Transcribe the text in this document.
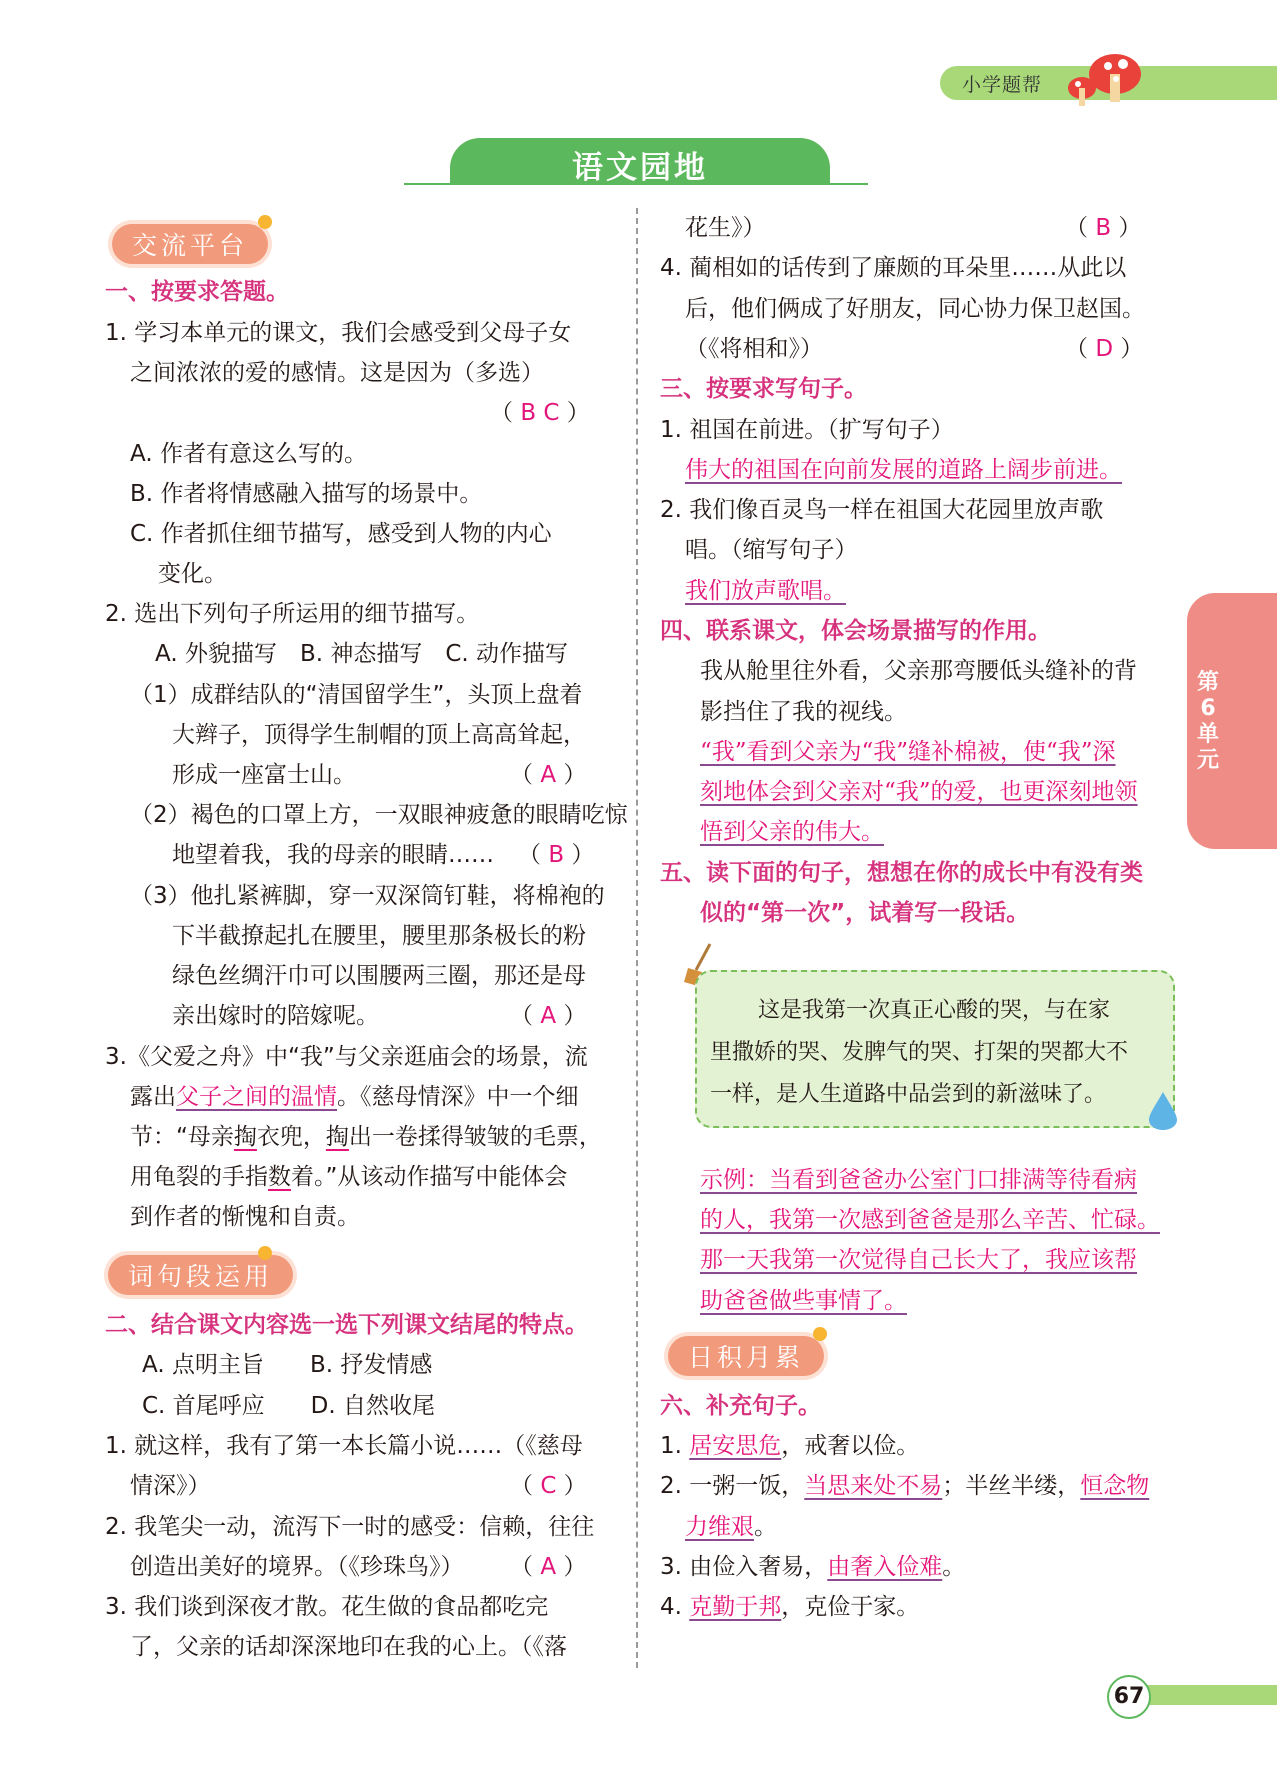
小学题帮
语文园地
第6单元
交流平台
一、按要求答题。
1. 学习本单元的课文，我们会感受到父母子女
之间浓浓的爱的感情。这是因为（多选）
（ B C ）
A. 作者有意这么写的。
B. 作者将情感融入描写的场景中。
C. 作者抓住细节描写，感受到人物的内心
变化。
2. 选出下列句子所运用的细节描写。
A. 外貌描写　B. 神态描写　C. 动作描写
（1）成群结队的“清国留学生”，头顶上盘着
大辫子，顶得学生制帽的顶上高高耸起，
形成一座富士山。	（ A ）
（2）褐色的口罩上方，一双眼神疲惫的眼睛吃惊
地望着我，我的母亲的眼睛…… （ B ）
（3）他扎紧裤脚，穿一双深筒钉鞋，将棉袍的
下半截撩起扎在腰里，腰里那条极长的粉
绿色丝绸汗巾可以围腰两三圈，那还是母
亲出嫁时的陪嫁呢。	（ A ）
3.《父爱之舟》中“我”与父亲逛庙会的场景，流
露出父子之间的温情。《慈母情深》中一个细
节：“母亲掏衣兜，掏出一卷揉得皱皱的毛票，
用龟裂的手指数着。”从该动作描写中能体会
到作者的惭愧和自责。
词句段运用
二、结合课文内容选一选下列课文结尾的特点。
A. 点明主旨　　B. 抒发情感
C. 首尾呼应　　D. 自然收尾
1. 就这样，我有了第一本长篇小说……（《慈母
情深》）	（ C ）
2. 我笔尖一动，流泻下一时的感受：信赖，往往
创造出美好的境界。（《珍珠鸟》） （ A ）
3. 我们谈到深夜才散。花生做的食品都吃完
了，父亲的话却深深地印在我的心上。（《落
花生》）	（ B ）
4. 蔺相如的话传到了廉颇的耳朵里……从此以
后，他们俩成了好朋友，同心协力保卫赵国。
（《将相和》）	（ D ）
三、按要求写句子。
1. 祖国在前进。（扩写句子）
伟大的祖国在向前发展的道路上阔步前进。
2. 我们像百灵鸟一样在祖国大花园里放声歌
唱。（缩写句子）
我们放声歌唱。
四、联系课文，体会场景描写的作用。
我从舱里往外看，父亲那弯腰低头缝补的背
影挡住了我的视线。
“我”看到父亲为“我”缝补棉被，使“我”深
刻地体会到父亲对“我”的爱，也更深刻地领
悟到父亲的伟大。
五、读下面的句子，想想在你的成长中有没有类
似的“第一次”，试着写一段话。
这是我第一次真正心酸的哭，与在家
里撒娇的哭、发脾气的哭、打架的哭都大不
一样，是人生道路中品尝到的新滋味了。
示例：当看到爸爸办公室门口排满等待看病
的人，我第一次感到爸爸是那么辛苦、忙碌。
那一天我第一次觉得自己长大了，我应该帮
助爸爸做些事情了。
日积月累
六、补充句子。
1. 居安思危，戒奢以俭。
2. 一粥一饭，当思来处不易；半丝半缕，恒念物
力维艰。
3. 由俭入奢易，由奢入俭难。
4. 克勤于邦，克俭于家。
67
